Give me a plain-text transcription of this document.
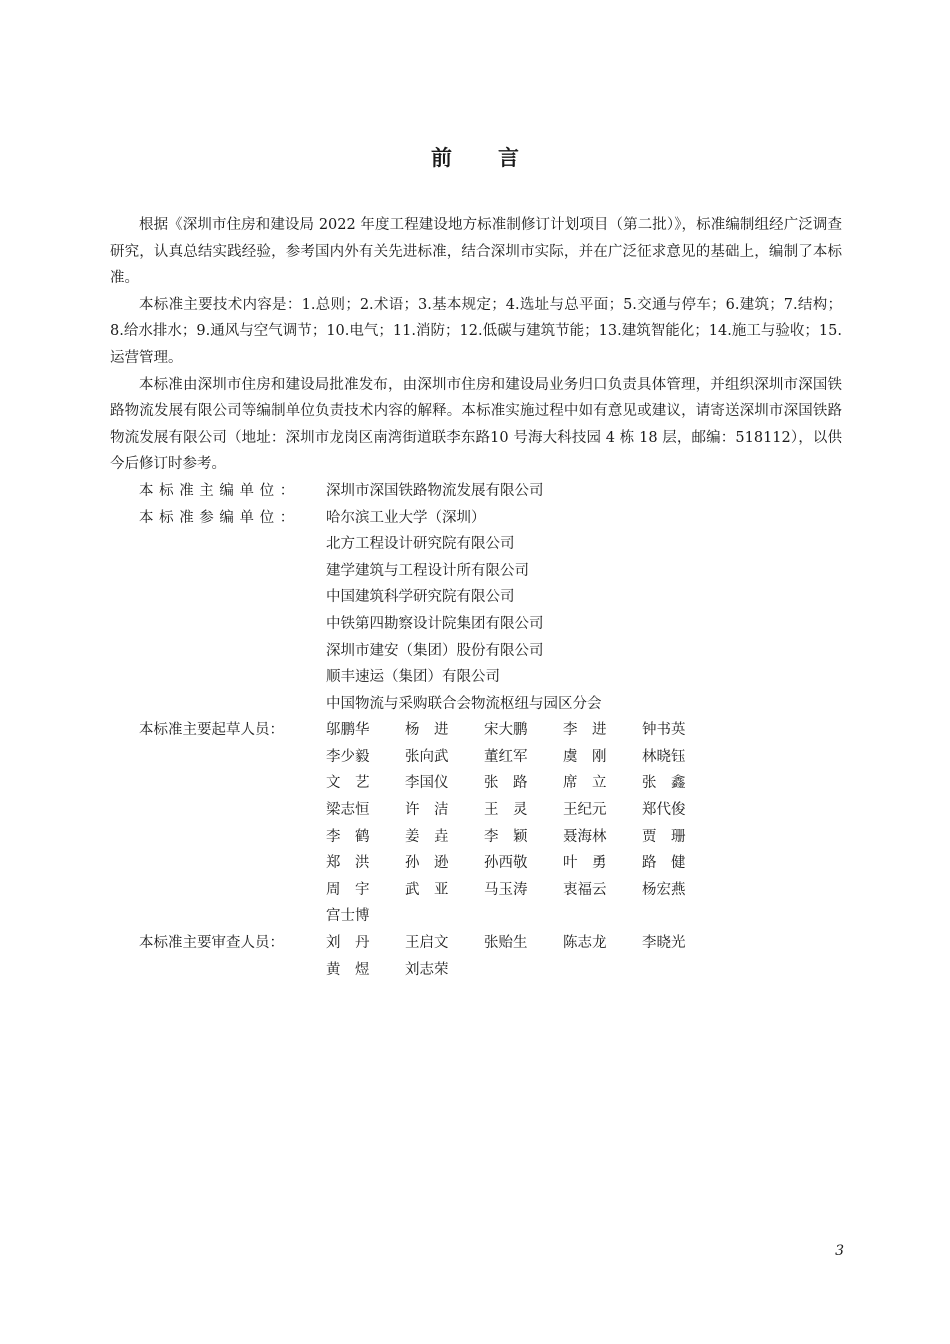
前 言

根据《深圳市住房和建设局 2022 年度工程建设地方标准制修订计划项目（第二批）》，标准编制组经广泛调查研究，认真总结实践经验，参考国内外有关先进标准，结合深圳市实际，并在广泛征求意见的基础上，编制了本标准。

本标准主要技术内容是：1.总则；2.术语；3.基本规定；4.选址与总平面；5.交通与停车；6.建筑；7.结构；8.给水排水；9.通风与空气调节；10.电气；11.消防；12.低碳与建筑节能；13.建筑智能化；14.施工与验收；15.运营管理。

本标准由深圳市住房和建设局批准发布，由深圳市住房和建设局业务归口负责具体管理，并组织深圳市深国铁路物流发展有限公司等编制单位负责技术内容的解释。本标准实施过程中如有意见或建议，请寄送深圳市深国铁路物流发展有限公司（地址：深圳市龙岗区南湾街道联李东路10 号海大科技园 4 栋 18 层，邮编：518112），以供今后修订时参考。

本标准主编单位：	深圳市深国铁路物流发展有限公司
本标准参编单位：	哈尔滨工业大学（深圳）
北方工程设计研究院有限公司
建学建筑与工程设计所有限公司
中国建筑科学研究院有限公司
中铁第四勘察设计院集团有限公司
深圳市建安（集团）股份有限公司
顺丰速运（集团）有限公司
中国物流与采购联合会物流枢纽与园区分会
本标准主要起草人员：	邬鹏华	杨　进	宋大鹏	李　进	钟书英
李少毅	张向武	董红军	虞　刚	林晓钰
文　艺	李国仪	张　路	席　立	张　鑫
梁志恒	许　洁	王　灵	王纪元	郑代俊
李　鹤	姜　垚	李　颖	聂海林	贾　珊
郑　洪	孙　逊	孙西敬	叶　勇	路　健
周　宇	武　亚	马玉涛	衷福云	杨宏燕
宫士博
本标准主要审查人员：	刘　丹	王启文	张贻生	陈志龙	李晓光
黄　煜	刘志荣
3
